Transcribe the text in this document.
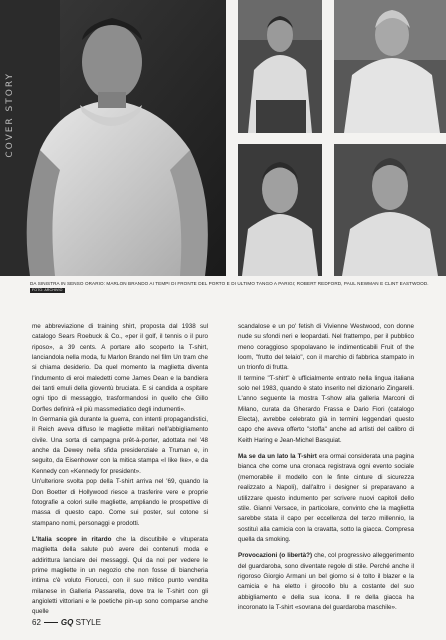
COVER STORY
DA SINISTRA IN SENSO ORARIO: MARLON BRANDO AI TEMPI DI FRONTE DEL PORTO E DI ULTIMO TANGO A PARIGI; ROBERT REDFORD, PAUL NEWMAN E CLINT EASTWOOD.
FOTO: ARCHIVIO

me abbreviazione di training shirt, proposta dal 1938 sul catalogo Sears Roebuck & Co., «per il golf, il tennis o il puro riposo», a 39 cents. A portare allo scoperto la T-shirt, lanciandola nella moda, fu Marlon Brando nel film Un tram che si chiama desiderio. Da quel momento la maglietta diventa l'indumento di eroi maledetti come James Dean e la bandiera dei tanti emuli della gioventù bruciata. E si candida a ospitare ogni tipo di messaggio, trasformandosi in quello che Gillo Dorfles definirà «il più massmediatico degli indumenti».

In Germania già durante la guerra, con intenti propagandistici, il Reich aveva diffuso le magliette militari nell'abbigliamento civile. Una sorta di campagna prêt-à-porter, adottata nel '48 anche da Dewey nella sfida presidenziale a Truman e, in seguito, da Eisenhower con la mitica stampa «I like Ike», e da Kennedy con «Kennedy for president».

Un'ulteriore svolta pop della T-shirt arriva nel '69, quando la Don Boetter di Hollywood riesce a trasferire vere e proprie fotografie a colori sulle magliette, ampliando le prospettive di massa di questo capo. Come sui poster, sul cotone si stampano nomi, personaggi e prodotti.

L'Italia scopre in ritardo che la discutibile e vituperata maglietta della salute può avere dei contenuti moda e addirittura lanciare dei messaggi. Qui da noi per vedere le prime magliette in un negozio che non fosse di biancheria intima c'è voluto Fiorucci, con il suo mitico punto vendita milanese in Galleria Passarella, dove tra le T-shirt con gli angioletti vittoriani e le poetiche pin-up sono comparse anche quelle

scandalose e un po' fetish di Vivienne Westwood, con donne nude su sfondi neri e leopardati. Nel frattempo, per il pubblico meno coraggioso spopolavano le indimenticabili Fruit of the loom, "frutto del telaio", con il marchio di fabbrica stampato in un trionfo di frutta.

Il termine "T-shirt" è ufficialmente entrato nella lingua italiana solo nel 1983, quando è stato inserito nel dizionario Zingarelli. L'anno seguente la mostra T-show alla galleria Marconi di Milano, curata da Gherardo Frassa e Dario Fiori (catalogo Electa), avrebbe celebrato già in termini leggendari questo capo che aveva offerto "stoffa" anche ad artisti del calibro di Keith Haring e Jean-Michel Basquiat.

Ma se da un lato la T-shirt era ormai considerata una pagina bianca che come una cronaca registrava ogni evento sociale (memorabile il modello con le finte cinture di sicurezza realizzato a Napoli), dall'altro i designer si preparavano a utilizzare questo indumento per scrivere nuovi capitoli dello stile. Gianni Versace, in particolare, convinto che la maglietta sarebbe stata il capo per eccellenza del terzo millennio, la sostituì alla camicia con la cravatta, sotto la giacca. Compresa quella da smoking.

Provocazioni (o libertà?) che, col progressivo alleggerimento del guardaroba, sono diventate regole di stile. Perché anche il rigoroso Giorgio Armani un bel giorno si è tolto il blazer e la camicia e ha eletto i girocollo blu a costante del suo abbigliamento e della sua icona. Il re della giacca ha incoronato la T-shirt «sovrana del guardaroba maschile».

62	GQ STYLE
